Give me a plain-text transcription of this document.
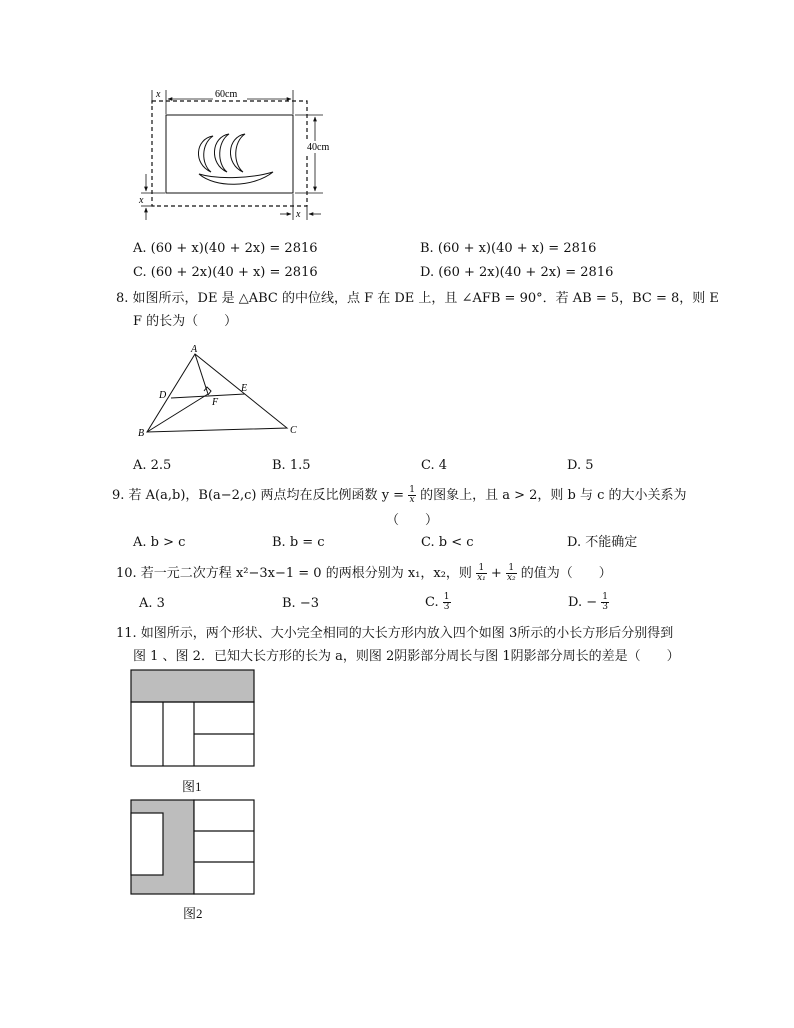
x	60cm
40cm
x
x
A. (60 + x)(40 + 2x) = 2816	B. (60 + x)(40 + x) = 2816
C. (60 + 2x)(40 + x) = 2816	D. (60 + 2x)(40 + 2x) = 2816
8. 如图所示，DE 是 △ABC 的中位线，点 F 在 DE 上，且 ∠AFB = 90°．若 AB = 5，BC = 8，则 E
F 的长为（　　）
A
B	C
D
E
F
A. 2.5	B. 1.5	C. 4	D. 5
9. 若 A(a,b)，B(a−2,c) 两点均在反比例函数 $y = \frac{1}{x}$ 的图象上，且 a > 2，则 b 与 c 的大小关系为
（　　）
A. b > c	B. b = c	C. b < c	D. 不能确定
10. 若一元二次方程 x²−3x−1 = 0 的两根分别为 x₁，x₂，则 $\frac{1}{\text{x₁}} + \frac{1}{\text{x₂}}$ 的值为（　　）
A. 3	B. −3	C. $\frac{1}{3}$	D. − $\frac{1}{3}$
11. 如图所示，两个形状、大小完全相同的大长方形内放入四个如图 3所示的小长方形后分别得到
图 1 、图 2．已知大长方形的长为 a，则图 2阴影部分周长与图 1阴影部分周长的差是（　　）
图1
图2
